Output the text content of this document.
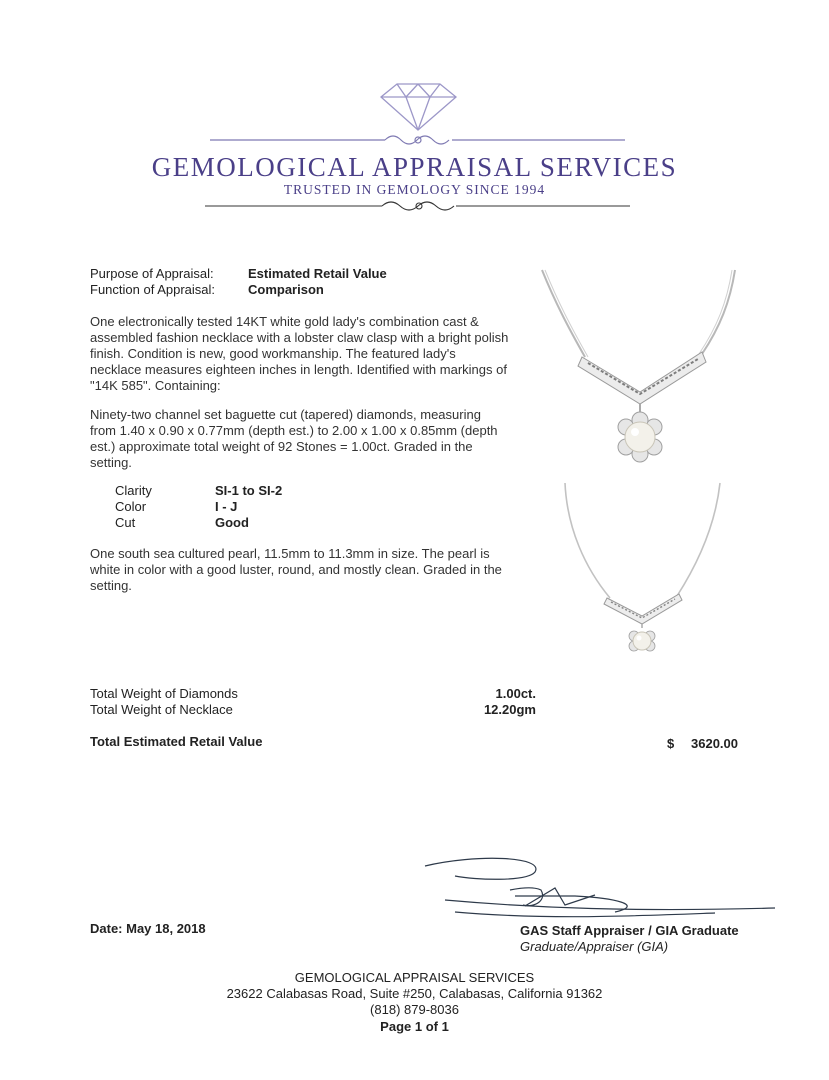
GEMOLOGICAL APPRAISAL SERVICES
TRUSTED IN GEMOLOGY SINCE 1994
Purpose of Appraisal:	Estimated Retail Value
Function of Appraisal:	Comparison
One electronically tested 14KT white gold lady's combination cast & assembled fashion necklace with a lobster claw clasp with a bright polish finish. Condition is new, good workmanship. The featured lady's necklace measures eighteen inches in length. Identified with markings of "14K 585". Containing:
Ninety-two channel set baguette cut (tapered) diamonds, measuring from 1.40 x 0.90 x 0.77mm (depth est.) to 2.00 x 1.00 x 0.85mm (depth est.) approximate total weight of 92 Stones = 1.00ct. Graded in the setting.
Clarity	SI-1 to SI-2
Color	I - J
Cut	Good
One south sea cultured pearl, 11.5mm to 11.3mm in size. The pearl is white in color with a good luster, round, and mostly clean. Graded in the setting.
Total Weight of Diamonds	1.00ct.
Total Weight of Necklace	12.20gm
Total Estimated Retail Value	$	3620.00
Date: May 18, 2018	GAS Staff Appraiser / GIA Graduate
Graduate/Appraiser (GIA)
GEMOLOGICAL APPRAISAL SERVICES
23622 Calabasas Road, Suite #250, Calabasas, California 91362
(818) 879-8036
Page 1 of 1
